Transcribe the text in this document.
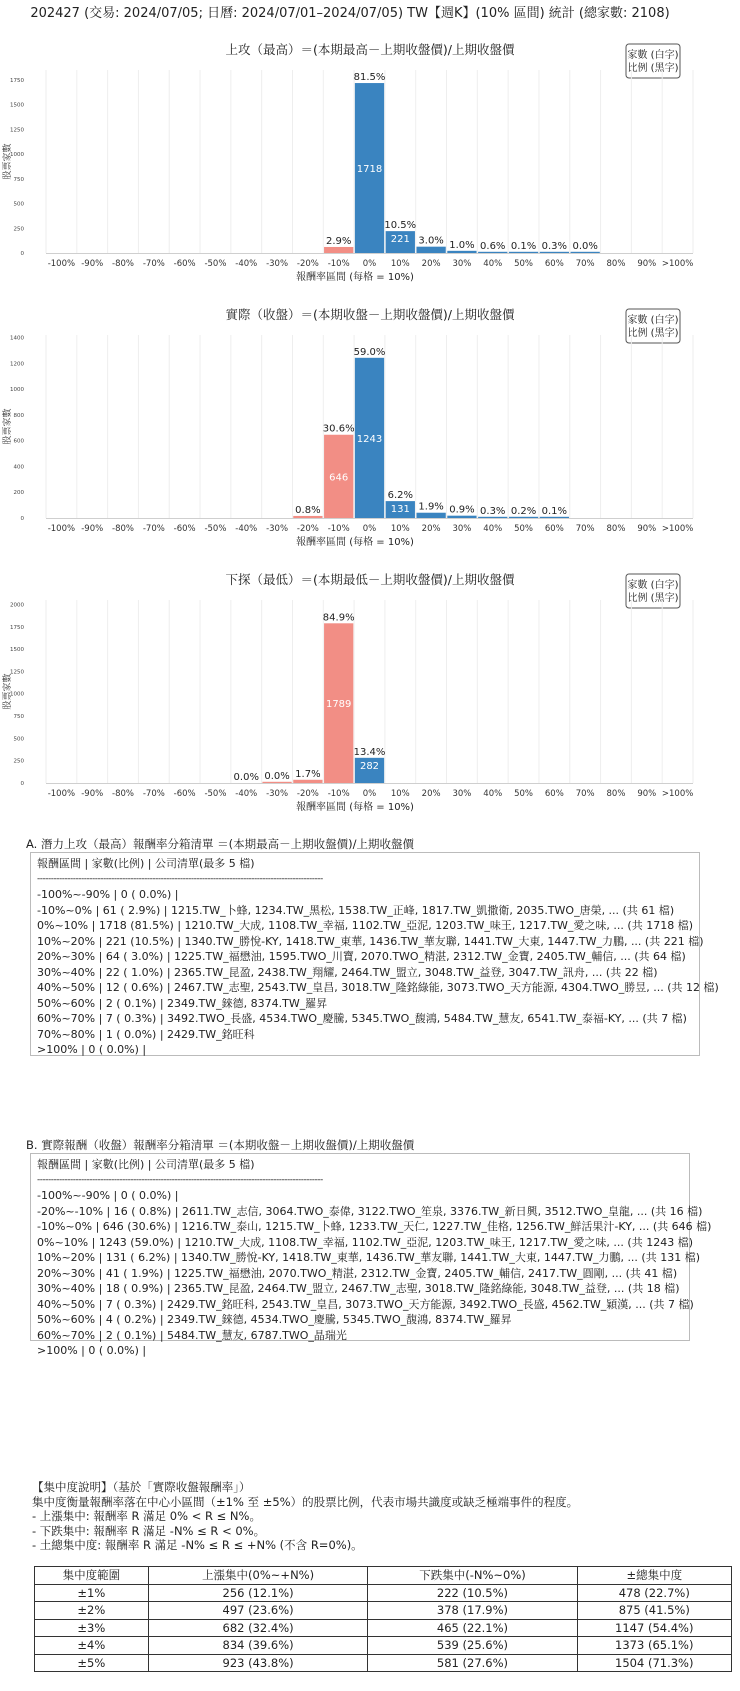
202427 (交易: 2024/07/05; 日曆: 2024/07/01–2024/07/05) TW【週K】(10% 區間) 統計 (總家數: 2108)
上攻（最高）＝(本期最高－上期收盤價)/上期收盤價	家數 (白字)
比例 (黑字)
0
250
500
750
1000
1250
1500
1750
股票家數
2.9%
1718
81.5%
221
10.5%
3.0% 1.0% 0.6% 0.1% 0.3% 0.0%
-100% -90% -80% -70% -60% -50% -40% -30% -20% -10% 0% 10% 20% 30% 40% 50% 60% 70% 80% 90% >100%
報酬率區間 (每格 = 10%)
實際（收盤）＝(本期收盤－上期收盤價)/上期收盤價	家數 (白字)
比例 (黑字)
0
200
400
600
800
1000
1200
1400
股票家數
0.8%
646
30.6%
1243
59.0%
131
6.2%
1.9% 0.9% 0.3% 0.2% 0.1%
-100% -90% -80% -70% -60% -50% -40% -30% -20% -10% 0% 10% 20% 30% 40% 50% 60% 70% 80% 90% >100%
報酬率區間 (每格 = 10%)
下探（最低）＝(本期最低－上期收盤價)/上期收盤價	家數 (白字)
比例 (黑字)
0
250
500
750
1000
1250
1500
1750
2000
股票家數
0.0% 0.0% 1.7%
1789
84.9%
282
13.4%
-100% -90% -80% -70% -60% -50% -40% -30% -20% -10% 0% 10% 20% 30% 40% 50% 60% 70% 80% 90% >100%
報酬率區間 (每格 = 10%)
A. 潛力上攻（最高）報酬率分箱清單 ＝(本期最高－上期收盤價)/上期收盤價
報酬區間 | 家數(比例) | 公司清單(最多 5 檔)
--------------------------------------------------------------------------------------------------------
-100%~-90% | 0 ( 0.0%) |
-10%~0% | 61 ( 2.9%) | 1215.TW_卜蜂, 1234.TW_黑松, 1538.TW_正峰, 1817.TW_凱撒衛, 2035.TWO_唐榮, ... (共 61 檔)
0%~10% | 1718 (81.5%) | 1210.TW_大成, 1108.TW_幸福, 1102.TW_亞泥, 1203.TW_味王, 1217.TW_愛之味, ... (共 1718 檔)
10%~20% | 221 (10.5%) | 1340.TW_勝悅-KY, 1418.TW_東華, 1436.TW_華友聯, 1441.TW_大東, 1447.TW_力鵬, ... (共 221 檔)
20%~30% | 64 ( 3.0%) | 1225.TW_福懋油, 1595.TWO_川寶, 2070.TWO_精湛, 2312.TW_金寶, 2405.TW_輔信, ... (共 64 檔)
30%~40% | 22 ( 1.0%) | 2365.TW_昆盈, 2438.TW_翔耀, 2464.TW_盟立, 3048.TW_益登, 3047.TW_訊舟, ... (共 22 檔)
40%~50% | 12 ( 0.6%) | 2467.TW_志聖, 2543.TW_皇昌, 3018.TW_隆銘綠能, 3073.TWO_天方能源, 4304.TWO_勝昱, ... (共 12 檔)
50%~60% | 2 ( 0.1%) | 2349.TW_錸德, 8374.TW_羅昇
60%~70% | 7 ( 0.3%) | 3492.TWO_長盛, 4534.TWO_慶騰, 5345.TWO_馥鴻, 5484.TW_慧友, 6541.TW_泰福-KY, ... (共 7 檔)
70%~80% | 1 ( 0.0%) | 2429.TW_銘旺科
>100% | 0 ( 0.0%) |
B. 實際報酬（收盤）報酬率分箱清單 ＝(本期收盤－上期收盤價)/上期收盤價
報酬區間 | 家數(比例) | 公司清單(最多 5 檔)
--------------------------------------------------------------------------------------------------------
-100%~-90% | 0 ( 0.0%) |
-20%~-10% | 16 ( 0.8%) | 2611.TW_志信, 3064.TWO_泰偉, 3122.TWO_笙泉, 3376.TW_新日興, 3512.TWO_皇龍, ... (共 16 檔)
-10%~0% | 646 (30.6%) | 1216.TW_泰山, 1215.TW_卜蜂, 1233.TW_天仁, 1227.TW_佳格, 1256.TW_鮮活果汁-KY, ... (共 646 檔)
0%~10% | 1243 (59.0%) | 1210.TW_大成, 1108.TW_幸福, 1102.TW_亞泥, 1203.TW_味王, 1217.TW_愛之味, ... (共 1243 檔)
10%~20% | 131 ( 6.2%) | 1340.TW_勝悅-KY, 1418.TW_東華, 1436.TW_華友聯, 1441.TW_大東, 1447.TW_力鵬, ... (共 131 檔)
20%~30% | 41 ( 1.9%) | 1225.TW_福懋油, 2070.TWO_精湛, 2312.TW_金寶, 2405.TW_輔信, 2417.TW_圓剛, ... (共 41 檔)
30%~40% | 18 ( 0.9%) | 2365.TW_昆盈, 2464.TW_盟立, 2467.TW_志聖, 3018.TW_隆銘綠能, 3048.TW_益登, ... (共 18 檔)
40%~50% | 7 ( 0.3%) | 2429.TW_銘旺科, 2543.TW_皇昌, 3073.TWO_天方能源, 3492.TWO_長盛, 4562.TW_穎漢, ... (共 7 檔)
50%~60% | 4 ( 0.2%) | 2349.TW_錸德, 4534.TWO_慶騰, 5345.TWO_馥鴻, 8374.TW_羅昇
60%~70% | 2 ( 0.1%) | 5484.TW_慧友, 6787.TWO_晶瑞光
>100% | 0 ( 0.0%) |
【集中度說明】（基於「實際收盤報酬率」）
集中度衡量報酬率落在中心小區間（±1% 至 ±5%）的股票比例，代表市場共識度或缺乏極端事件的程度。
- 上漲集中: 報酬率 R 滿足 0% < R ≤ N%。
- 下跌集中: 報酬率 R 滿足 -N% ≤ R < 0%。
- 土總集中度: 報酬率 R 滿足 -N% ≤ R ≤ +N% (不含 R=0%)。
集中度範圍	上漲集中(0%~+N%)	下跌集中(-N%~0%)	±總集中度
±1%	256 (12.1%)	222 (10.5%)	478 (22.7%)
±2%	497 (23.6%)	378 (17.9%)	875 (41.5%)
±3%	682 (32.4%)	465 (22.1%)	1147 (54.4%)
±4%	834 (39.6%)	539 (25.6%)	1373 (65.1%)
±5%	923 (43.8%)	581 (27.6%)	1504 (71.3%)
